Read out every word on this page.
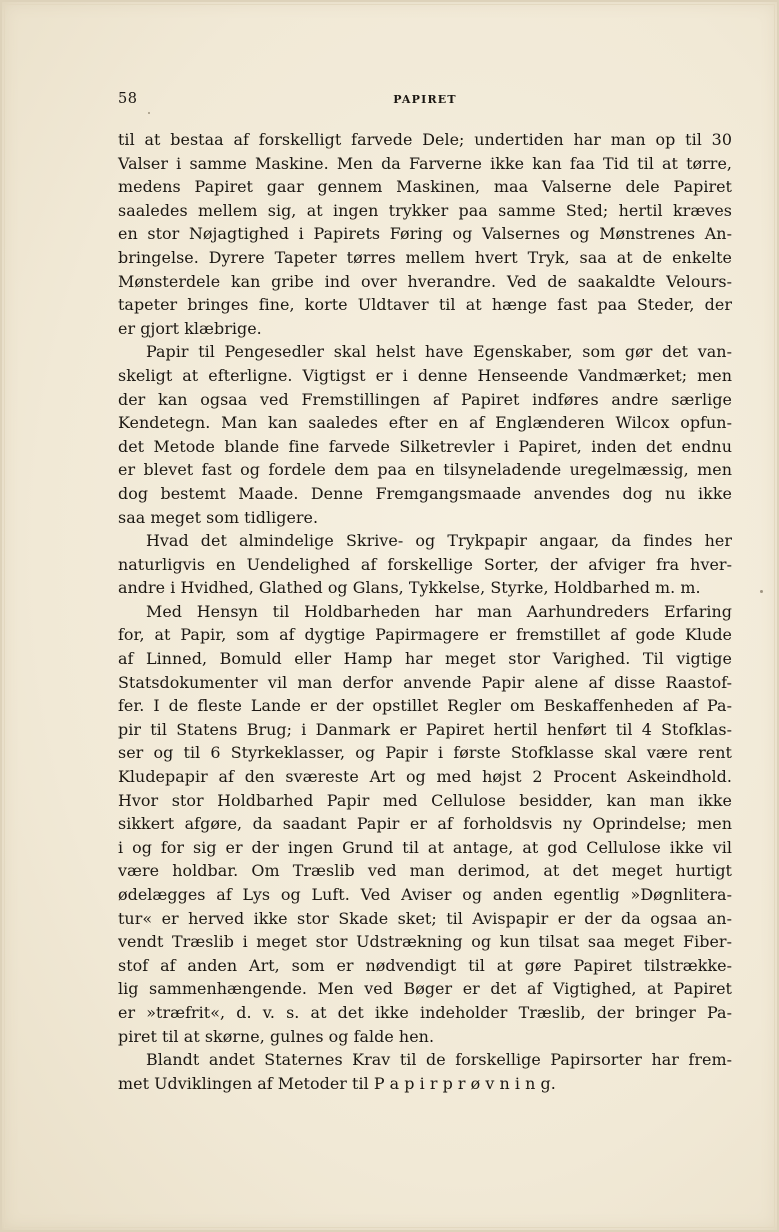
58	PAPIRET
til at bestaa af forskelligt farvede Dele; undertiden har man op til 30
Valser i samme Maskine. Men da Farverne ikke kan faa Tid til at tørre,
medens Papiret gaar gennem Maskinen, maa Valserne dele Papiret
saaledes mellem sig, at ingen trykker paa samme Sted; hertil kræves
en stor Nøjagtighed i Papirets Føring og Valsernes og Mønstrenes An-
bringelse. Dyrere Tapeter tørres mellem hvert Tryk, saa at de enkelte
Mønsterdele kan gribe ind over hverandre. Ved de saakaldte Velours-
tapeter bringes fine, korte Uldtaver til at hænge fast paa Steder, der
er gjort klæbrige.
Papir til Pengesedler skal helst have Egenskaber, som gør det van-
skeligt at efterligne. Vigtigst er i denne Henseende Vandmærket; men
der kan ogsaa ved Fremstillingen af Papiret indføres andre særlige
Kendetegn. Man kan saaledes efter en af Englænderen Wilcox opfun-
det Metode blande fine farvede Silketrevler i Papiret, inden det endnu
er blevet fast og fordele dem paa en tilsyneladende uregelmæssig, men
dog bestemt Maade. Denne Fremgangsmaade anvendes dog nu ikke
saa meget som tidligere.
Hvad det almindelige Skrive- og Trykpapir angaar, da findes her
naturligvis en Uendelighed af forskellige Sorter, der afviger fra hver-
andre i Hvidhed, Glathed og Glans, Tykkelse, Styrke, Holdbarhed m. m.
Med Hensyn til Holdbarheden har man Aarhundreders Erfaring
for, at Papir, som af dygtige Papirmagere er fremstillet af gode Klude
af Linned, Bomuld eller Hamp har meget stor Varighed. Til vigtige
Statsdokumenter vil man derfor anvende Papir alene af disse Raastof-
fer. I de fleste Lande er der opstillet Regler om Beskaffenheden af Pa-
pir til Statens Brug; i Danmark er Papiret hertil henført til 4 Stofklas-
ser og til 6 Styrkeklasser, og Papir i første Stofklasse skal være rent
Kludepapir af den sværeste Art og med højst 2 Procent Askeindhold.
Hvor stor Holdbarhed Papir med Cellulose besidder, kan man ikke
sikkert afgøre, da saadant Papir er af forholdsvis ny Oprindelse; men
i og for sig er der ingen Grund til at antage, at god Cellulose ikke vil
være holdbar. Om Træslib ved man derimod, at det meget hurtigt
ødelægges af Lys og Luft. Ved Aviser og anden egentlig »Døgnlitera-
tur« er herved ikke stor Skade sket; til Avispapir er der da ogsaa an-
vendt Træslib i meget stor Udstrækning og kun tilsat saa meget Fiber-
stof af anden Art, som er nødvendigt til at gøre Papiret tilstrække-
lig sammenhængende. Men ved Bøger er det af Vigtighed, at Papiret
er »træfrit«, d. v. s. at det ikke indeholder Træslib, der bringer Pa-
piret til at skørne, gulnes og falde hen.
Blandt andet Staternes Krav til de forskellige Papirsorter har frem-
met Udviklingen af Metoder til P a p i r p r ø v n i n g.
